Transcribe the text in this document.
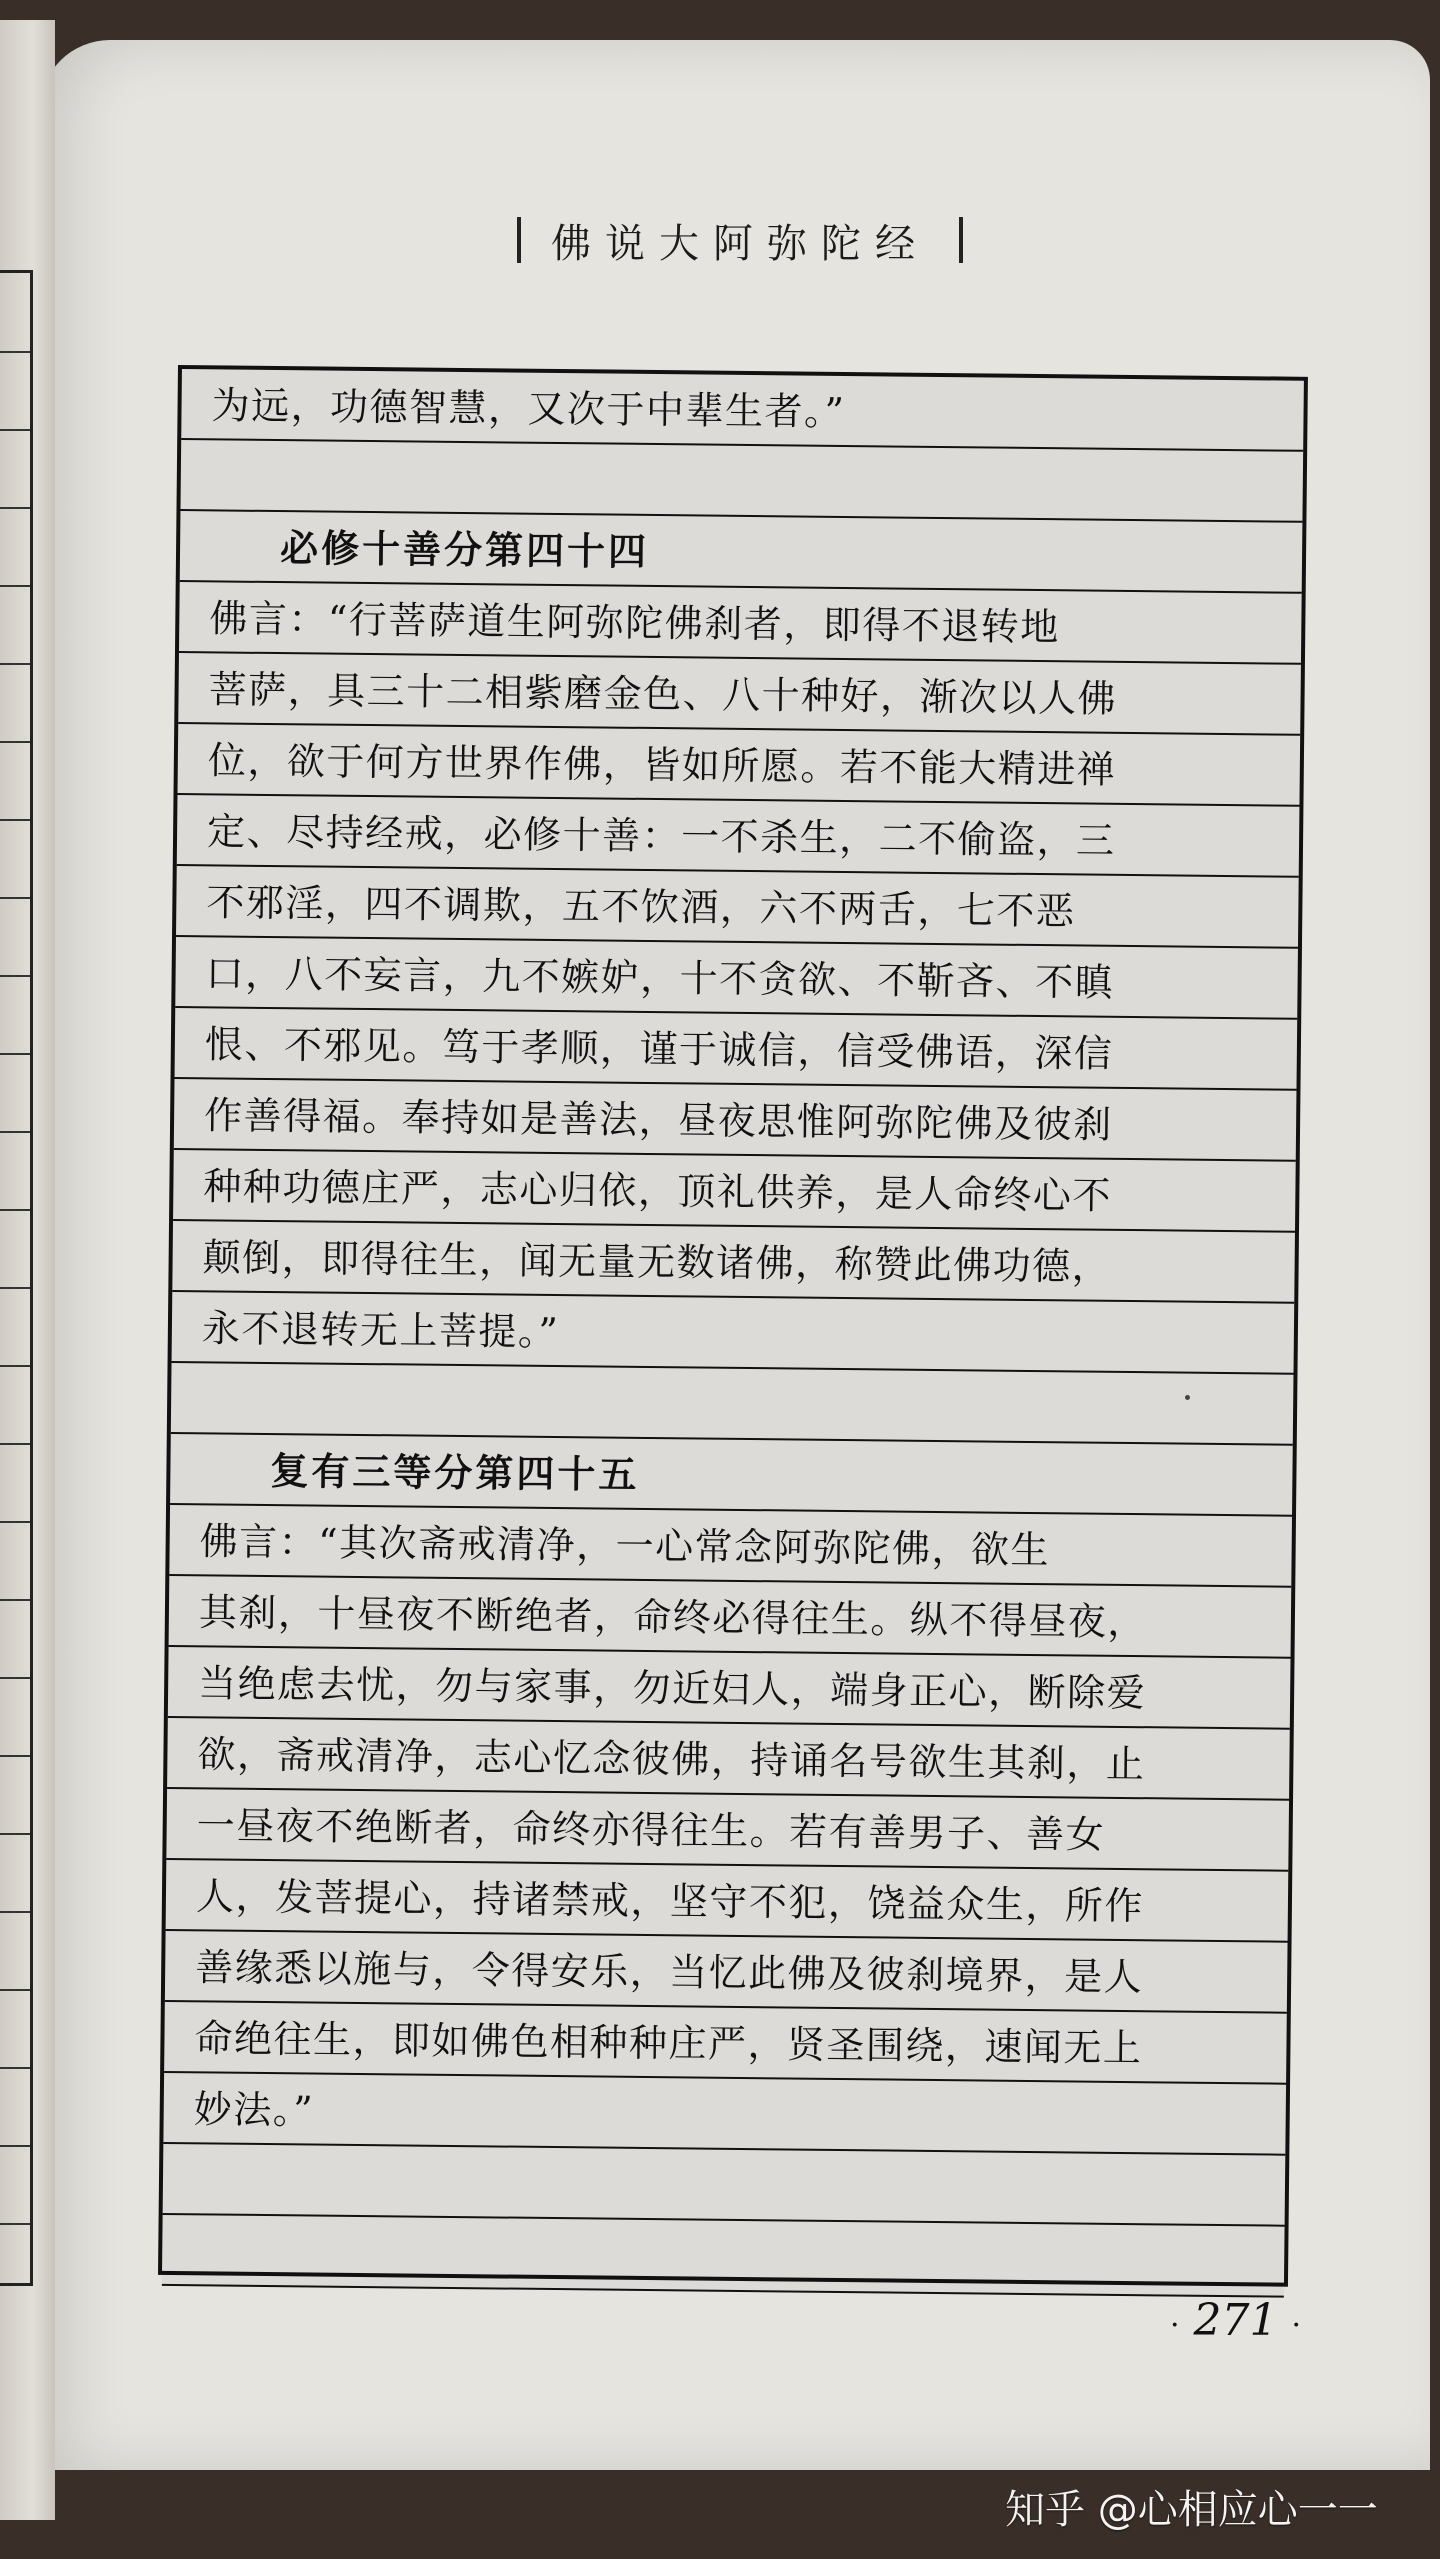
佛说大阿弥陀经
为远，功德智慧，又次于中辈生者。”
必修十善分第四十四
佛言：“行菩萨道生阿弥陀佛刹者，即得不退转地
菩萨，具三十二相紫磨金色、八十种好，渐次以人佛
位，欲于何方世界作佛，皆如所愿。若不能大精进禅
定、尽持经戒，必修十善：一不杀生，二不偷盗，三
不邪淫，四不调欺，五不饮酒，六不两舌，七不恶
口，八不妄言，九不嫉妒，十不贪欲、不靳吝、不瞋
恨、不邪见。笃于孝顺，谨于诚信，信受佛语，深信
作善得福。奉持如是善法，昼夜思惟阿弥陀佛及彼刹
种种功德庄严，志心归依，顶礼供养，是人命终心不
颠倒，即得往生，闻无量无数诸佛，称赞此佛功德，
永不退转无上菩提。”
复有三等分第四十五
佛言：“其次斋戒清净，一心常念阿弥陀佛，欲生
其刹，十昼夜不断绝者，命终必得往生。纵不得昼夜，
当绝虑去忧，勿与家事，勿近妇人，端身正心，断除爱
欲，斋戒清净，志心忆念彼佛，持诵名号欲生其刹，止
一昼夜不绝断者，命终亦得往生。若有善男子、善女
人，发菩提心，持诸禁戒，坚守不犯，饶益众生，所作
善缘悉以施与，令得安乐，当忆此佛及彼刹境界，是人
命绝往生，即如佛色相种种庄严，贤圣围绕，速闻无上
妙法。”
· 271 ·
知乎 @心相应心一一
